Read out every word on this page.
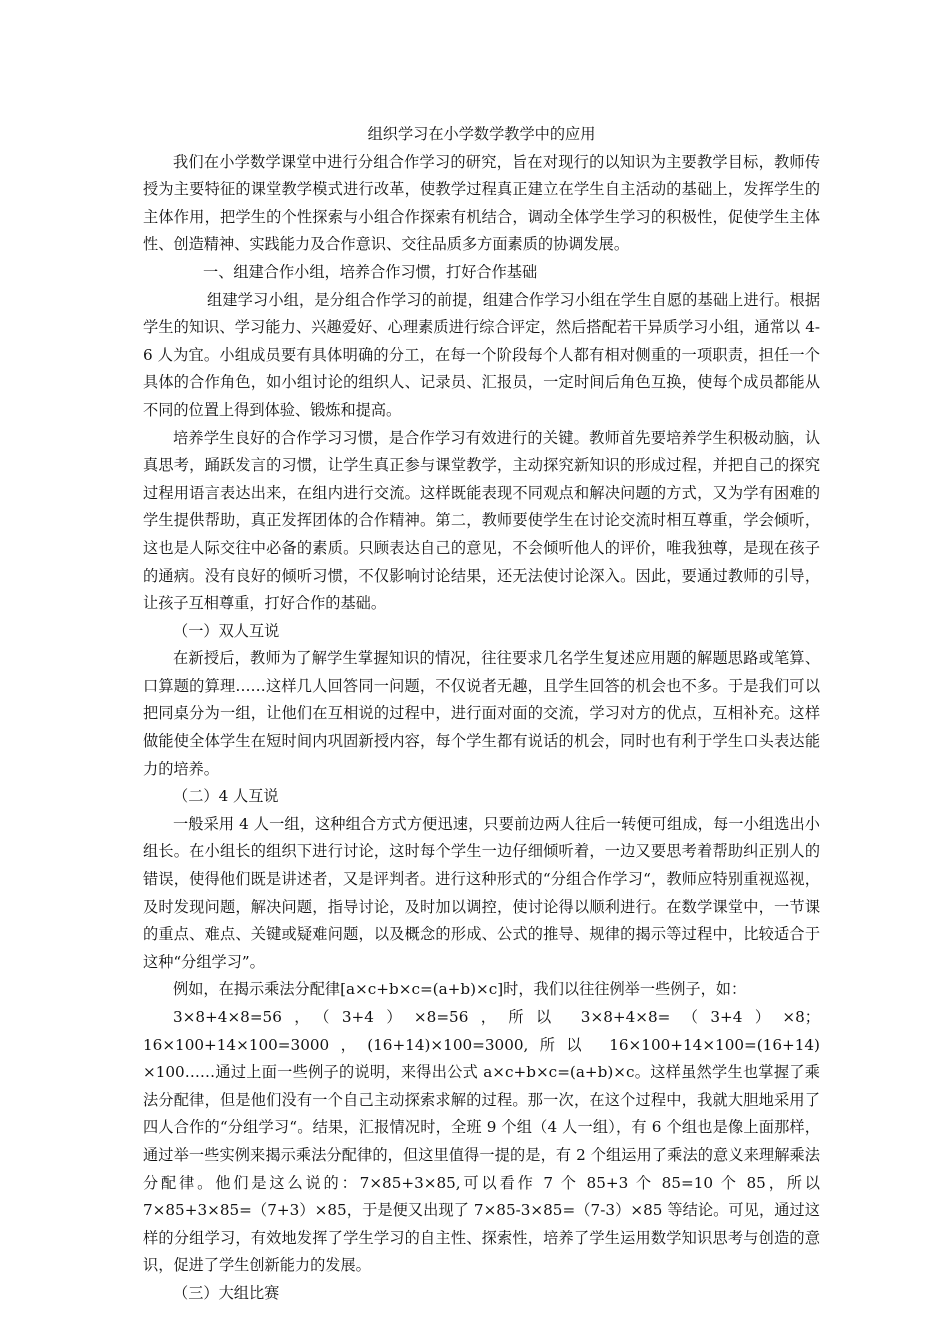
组织学习在小学数学教学中的应用

我们在小学数学课堂中进行分组合作学习的研究，旨在对现行的以知识为主要教学目标，教师传授为主要特征的课堂教学模式进行改革，使教学过程真正建立在学生自主活动的基础上，发挥学生的主体作用，把学生的个性探索与小组合作探索有机结合，调动全体学生学习的积极性，促使学生主体性、创造精神、实践能力及合作意识、交往品质多方面素质的协调发展。

一、组建合作小组，培养合作习惯，打好合作基础

组建学习小组，是分组合作学习的前提，组建合作学习小组在学生自愿的基础上进行。根据学生的知识、学习能力、兴趣爱好、心理素质进行综合评定，然后搭配若干异质学习小组，通常以 4-6 人为宜。小组成员要有具体明确的分工，在每一个阶段每个人都有相对侧重的一项职责，担任一个具体的合作角色，如小组讨论的组织人、记录员、汇报员，一定时间后角色互换，使每个成员都能从不同的位置上得到体验、锻炼和提高。

培养学生良好的合作学习习惯，是合作学习有效进行的关键。教师首先要培养学生积极动脑，认真思考，踊跃发言的习惯，让学生真正参与课堂教学，主动探究新知识的形成过程，并把自己的探究过程用语言表达出来，在组内进行交流。这样既能表现不同观点和解决问题的方式，又为学有困难的学生提供帮助，真正发挥团体的合作精神。第二，教师要使学生在讨论交流时相互尊重，学会倾听，这也是人际交往中必备的素质。只顾表达自己的意见，不会倾听他人的评价，唯我独尊，是现在孩子的通病。没有良好的倾听习惯，不仅影响讨论结果，还无法使讨论深入。因此，要通过教师的引导，让孩子互相尊重，打好合作的基础。

（一）双人互说

在新授后，教师为了解学生掌握知识的情况，往往要求几名学生复述应用题的解题思路或笔算、口算题的算理……这样几人回答同一问题，不仅说者无趣，且学生回答的机会也不多。于是我们可以把同桌分为一组，让他们在互相说的过程中，进行面对面的交流，学习对方的优点，互相补充。这样做能使全体学生在短时间内巩固新授内容，每个学生都有说话的机会，同时也有利于学生口头表达能力的培养。

（二）4 人互说

一般采用 4 人一组，这种组合方式方便迅速，只要前边两人往后一转便可组成，每一小组选出小组长。在小组长的组织下进行讨论，这时每个学生一边仔细倾听着，一边又要思考着帮助纠正别人的错误，使得他们既是讲述者，又是评判者。进行这种形式的“分组合作学习“，教师应特别重视巡视，及时发现问题，解决问题，指导讨论，及时加以调控，使讨论得以顺利进行。在数学课堂中，一节课的重点、难点、关键或疑难问题，以及概念的形成、公式的推导、规律的揭示等过程中，比较适合于这种“分组学习”。

例如，在揭示乘法分配律[a×c+b×c=(a+b)×c]时，我们以往往例举一些例子，如：

3×8+4×8=56，（3+4）×8=56，所以 3×8+4×8=（3+4）×8；16×100+14×100=3000，(16+14)×100=3000,所以 16×100+14×100=(16+14) ×100……通过上面一些例子的说明，来得出公式 a×c+b×c=(a+b)×c。这样虽然学生也掌握了乘法分配律，但是他们没有一个自己主动探索求解的过程。那一次，在这个过程中，我就大胆地采用了四人合作的“分组学习“。结果，汇报情况时，全班 9 个组（4 人一组），有 6 个组也是像上面那样，通过举一些实例来揭示乘法分配律的，但这里值得一提的是，有 2 个组运用了乘法的意义来理解乘法分配律。他们是这么说的：7×85+3×85,可以看作 7 个 85+3 个 85=10 个 85，所以 7×85+3×85=（7+3）×85，于是便又出现了 7×85-3×85=（7-3）×85 等结论。可见，通过这样的分组学习，有效地发挥了学生学习的自主性、探索性，培养了学生运用数学知识思考与创造的意识，促进了学生创新能力的发展。

（三）大组比赛
